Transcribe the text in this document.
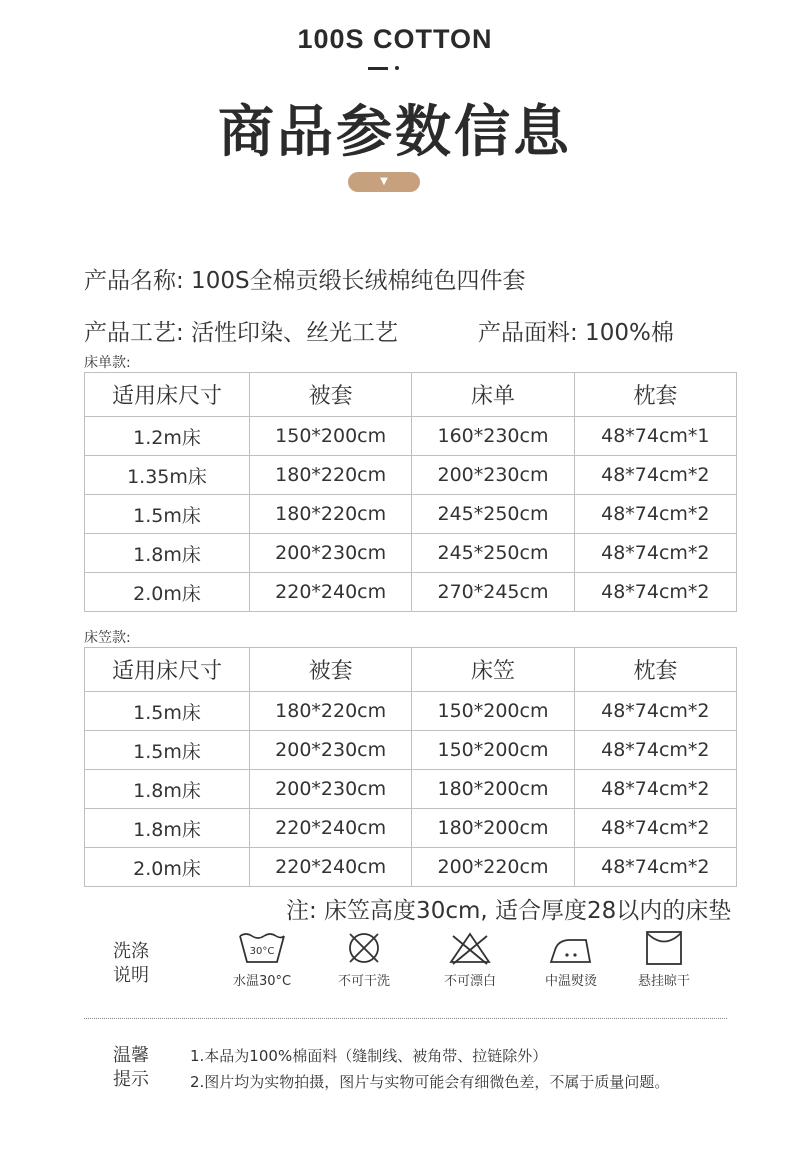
100S COTTON
商品参数信息
▼
产品名称: 100S全棉贡缎长绒棉纯色四件套
产品工艺: 活性印染、丝光工艺	产品面料: 100%棉
床单款:
适用床尺寸	被套	床单	枕套
1.2m床	150*200cm	160*230cm	48*74cm*1
1.35m床	180*220cm	200*230cm	48*74cm*2
1.5m床	180*220cm	245*250cm	48*74cm*2
1.8m床	200*230cm	245*250cm	48*74cm*2
2.0m床	220*240cm	270*245cm	48*74cm*2
床笠款:
适用床尺寸	被套	床笠	枕套
1.5m床	180*220cm	150*200cm	48*74cm*2
1.5m床	200*230cm	150*200cm	48*74cm*2
1.8m床	200*230cm	180*200cm	48*74cm*2
1.8m床	220*240cm	180*200cm	48*74cm*2
2.0m床	220*240cm	200*220cm	48*74cm*2
注: 床笠高度30cm, 适合厚度28以内的床垫
洗涤
说明
30°C
水温30°C	不可干洗	不可漂白	中温熨烫	悬挂晾干
温馨
提示
1.本品为100%棉面料（缝制线、被角带、拉链除外）
2.图片均为实物拍摄，图片与实物可能会有细微色差，不属于质量问题。
